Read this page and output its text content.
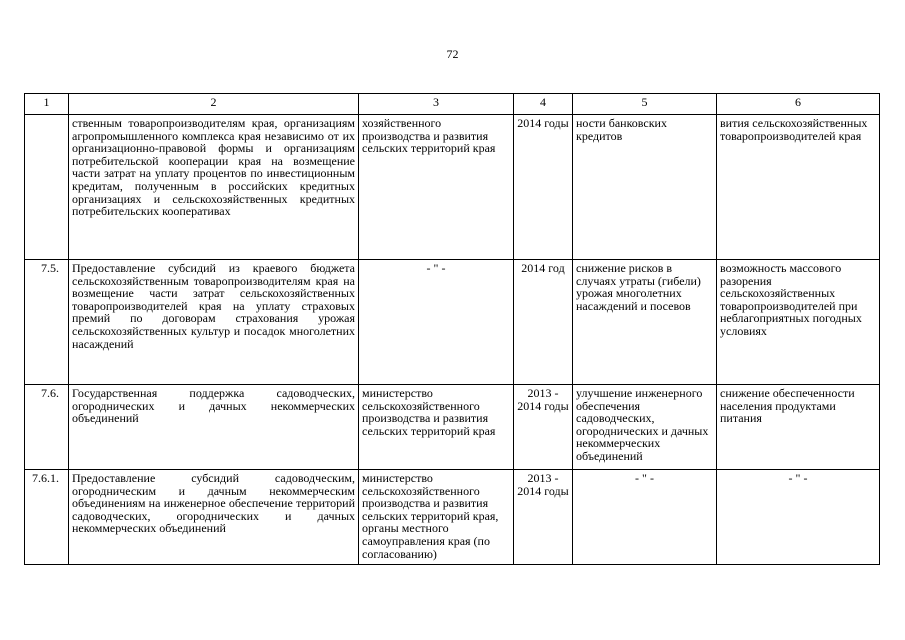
72
1	2	3	4	5	6
	ственным товаропроизводителям края, организациям агропромышленного комплекса края независимо от их организационно-правовой формы и организациям потребительской кооперации края на возмещение части затрат на уплату процентов по инвестиционным кредитам, полученным в российских кредитных организациях и сельскохозяйственных кредитных потребительских кооперативах	хозяйственного производства и развития сельских территорий края	2014 годы	ности банковских кредитов	вития сельскохозяйственных товаропроизводителей края
7.5.	Предоставление субсидий из краевого бюджета сельскохозяйственным товаропроизводителям края на возмещение части затрат сельскохозяйственных товаропроизводителей края на уплату страховых премий по договорам страхования урожая сельскохозяйственных культур и посадок многолетних насаждений	- " -	2014 год	снижение рисков в случаях утраты (гибели) урожая многолетних насаждений и посевов	возможность массового разорения сельскохозяйственных товаропроизводителей при неблагоприятных погодных условиях
7.6.	Государственная поддержка садоводческих, огороднических и дачных некоммерческих объединений	министерство сельскохозяйственного производства и развития сельских территорий края	2013 - 2014 годы	улучшение инженерного обеспечения садоводческих, огороднических и дачных некоммерческих объединений	снижение обеспеченности населения продуктами питания
7.6.1.	Предоставление субсидий садоводческим, огородническим и дачным некоммерческим объединениям на инженерное обеспечение территорий садоводческих, огороднических и дачных некоммерческих объединений	министерство сельскохозяйственного производства и развития сельских территорий края, органы местного самоуправления края (по согласованию)	2013 - 2014 годы	- " -	- " -
